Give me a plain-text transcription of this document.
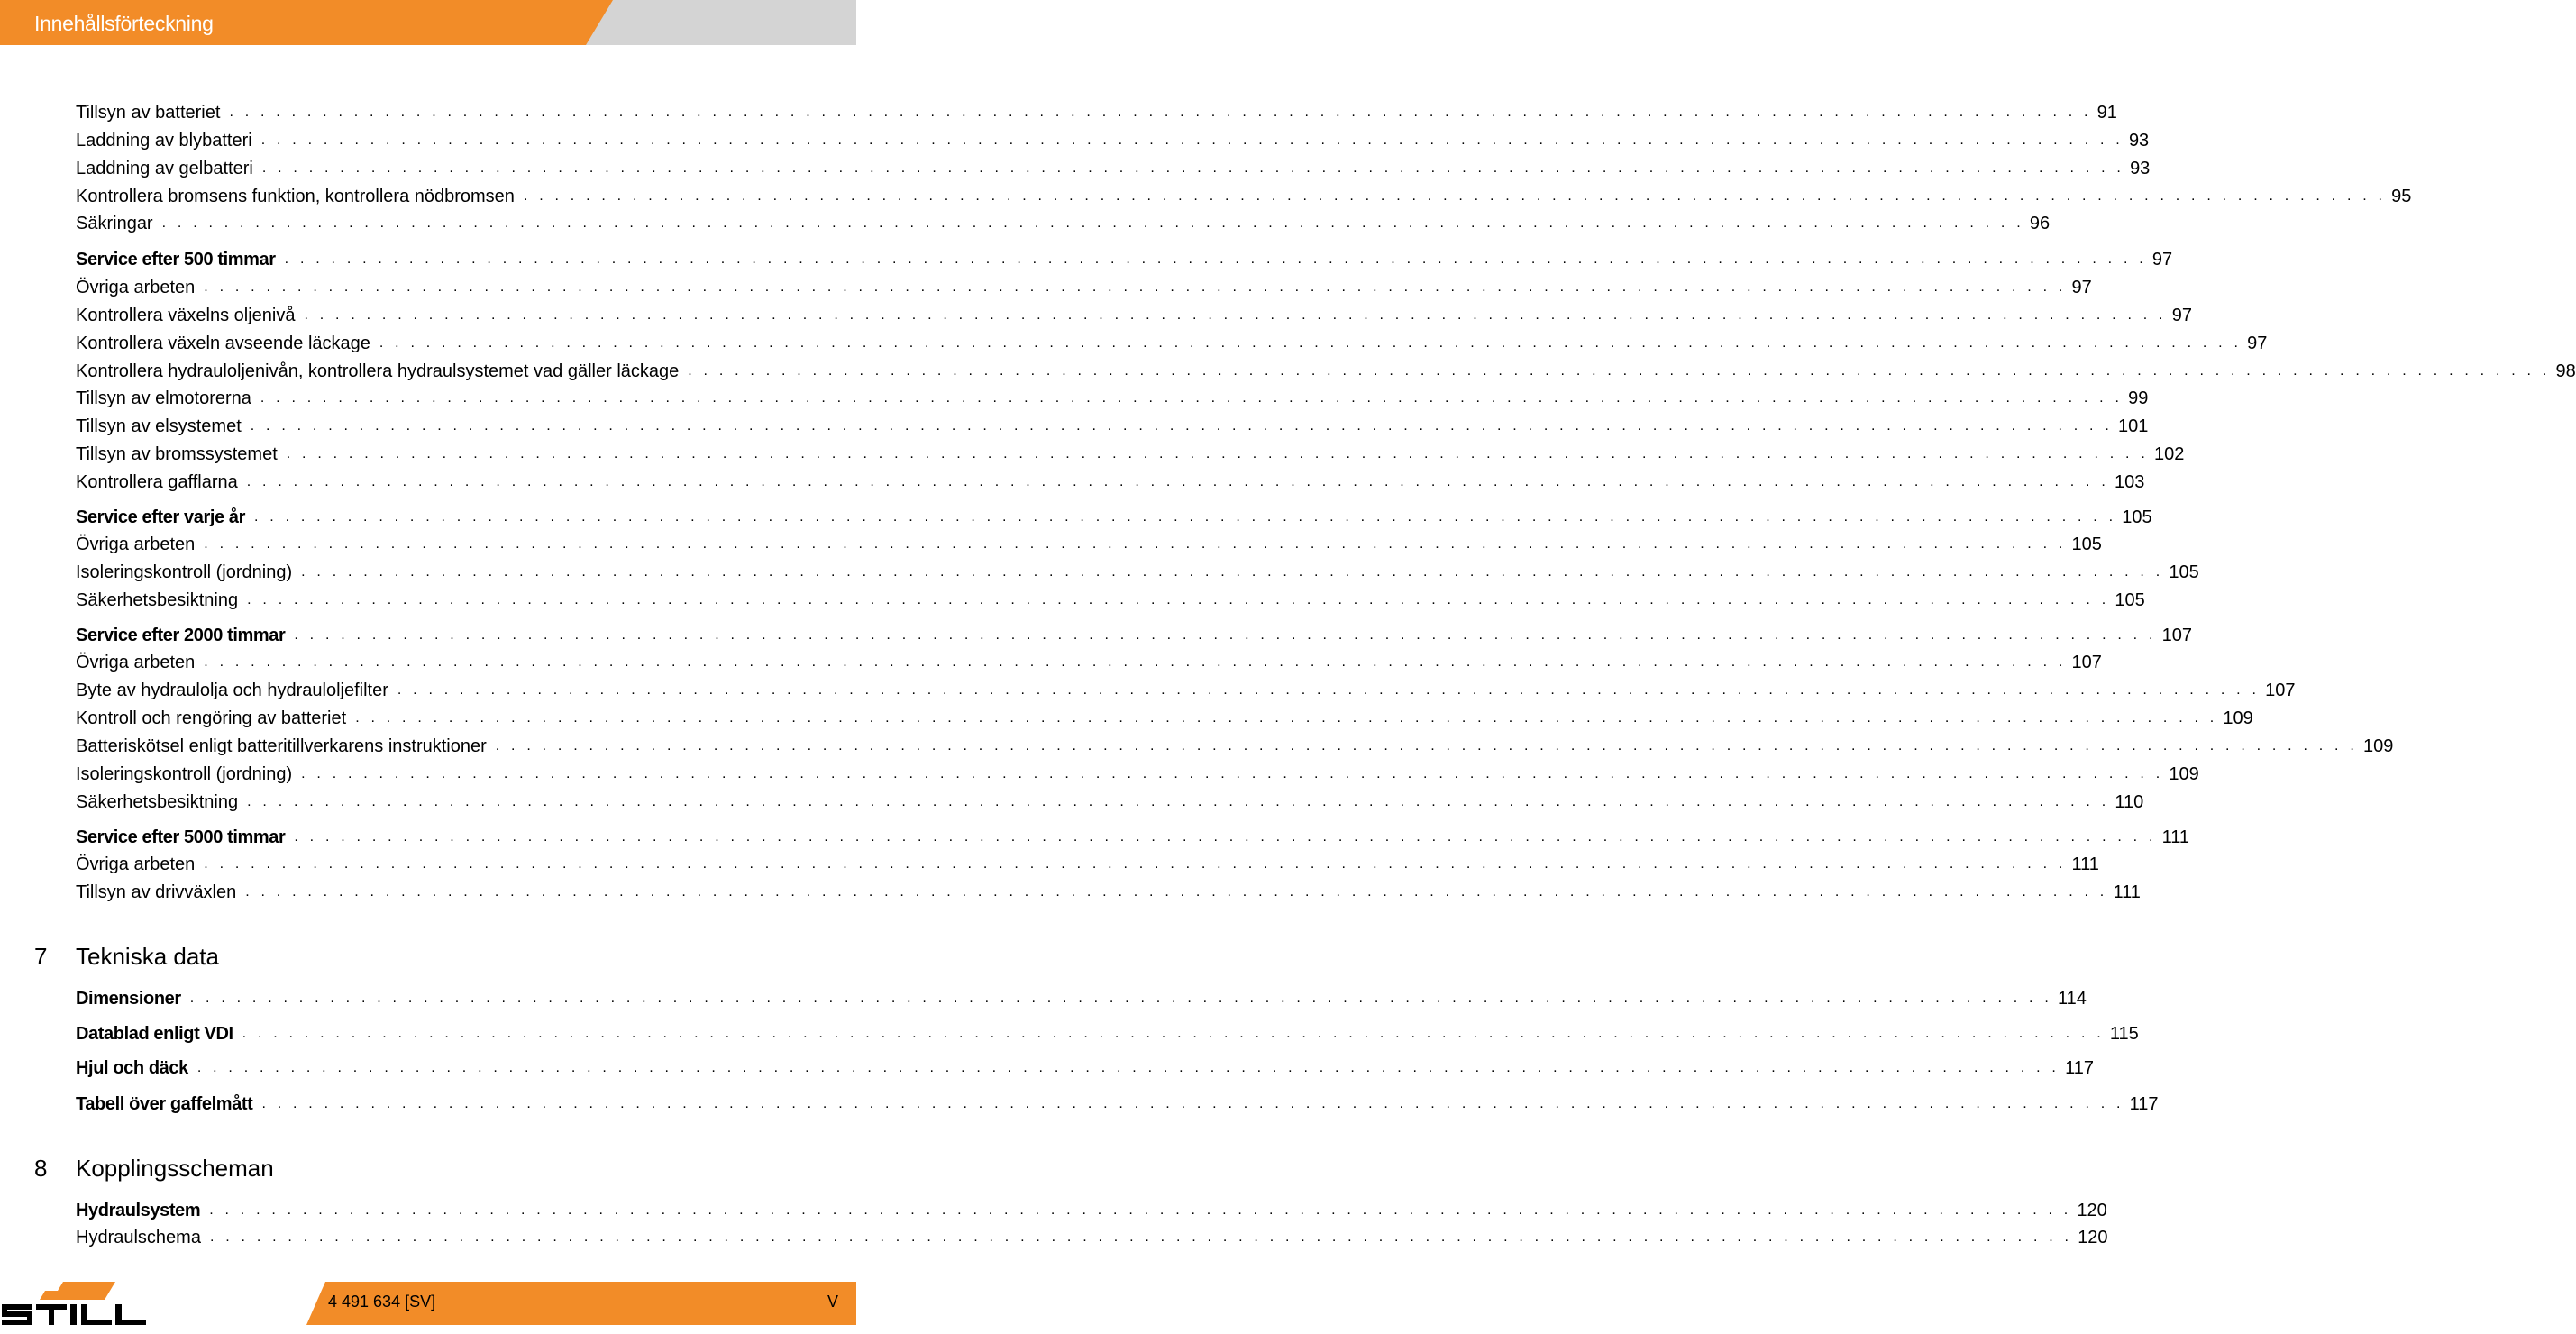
Innehållsförteckning
Tillsyn av batteriet . . . . . . . . . . . . . . . . . . . . . . . . . . . . . . . . . . . . . . . . . . . . . . . . . . . . . . . . . . . . . . . . . . . . . . . . . . . . . . . . . . . . . . . . . . . . . . . . . . . . . . . . . . . . . . . . . . . . . . . . 91
Laddning av blybatteri . . . . . . . . . . . . . . . . . . . . . . . . . . . . . . . . . . . . . . . . . . . . . . . . . . . . . . . . . . . . . . . . . . . . . . . . . . . . . . . . . . . . . . . . . . . . . . . . . . . . . . . . . . . . . . . . . . . . . . . . 93
Laddning av gelbatteri . . . . . . . . . . . . . . . . . . . . . . . . . . . . . . . . . . . . . . . . . . . . . . . . . . . . . . . . . . . . . . . . . . . . . . . . . . . . . . . . . . . . . . . . . . . . . . . . . . . . . . . . . . . . . . . . . . . . . . . . 93
Kontrollera bromsens funktion, kontrollera nödbromsen . . . . . . . . . . . . . . . . . . . . . . . . . . . . . . . . . . . . . . . . . . . . . . . . . . . . . . . . . . . . . . . . . . . . . . . . . . . . . . . . . . . . . . . . . . . . . . . . . . . . . . . . . . . . . . . . . . . . . . . . 95
Säkringar . . . . . . . . . . . . . . . . . . . . . . . . . . . . . . . . . . . . . . . . . . . . . . . . . . . . . . . . . . . . . . . . . . . . . . . . . . . . . . . . . . . . . . . . . . . . . . . . . . . . . . . . . . . . . . . . . . . . . . . . 96
Service efter 500 timmar . . . . . . . . . . . . . . . . . . . . . . . . . . . . . . . . . . . . . . . . . . . . . . . . . . . . . . . . . . . . . . . . . . . . . . . . . . . . . . . . . . . . . . . . . . . . . . . . . . . . . . . . . . . . . . . . . . . . . . . . 97
Övriga arbeten . . . . . . . . . . . . . . . . . . . . . . . . . . . . . . . . . . . . . . . . . . . . . . . . . . . . . . . . . . . . . . . . . . . . . . . . . . . . . . . . . . . . . . . . . . . . . . . . . . . . . . . . . . . . . . . . . . . . . . . . 97
Kontrollera växelns oljenivå . . . . . . . . . . . . . . . . . . . . . . . . . . . . . . . . . . . . . . . . . . . . . . . . . . . . . . . . . . . . . . . . . . . . . . . . . . . . . . . . . . . . . . . . . . . . . . . . . . . . . . . . . . . . . . . . . . . . . . . . 97
Kontrollera växeln avseende läckage . . . . . . . . . . . . . . . . . . . . . . . . . . . . . . . . . . . . . . . . . . . . . . . . . . . . . . . . . . . . . . . . . . . . . . . . . . . . . . . . . . . . . . . . . . . . . . . . . . . . . . . . . . . . . . . . . . . . . . . . 97
Kontrollera hydrauloljenivån, kontrollera hydraulsystemet vad gäller läckage . . . . . . . . . . . . . . . . . . . . . . . . . . . . . . . . . . . . . . . . . . . . . . . . . . . . . . . . . . . . . . . . . . . . . . . . . . . . . . . . . . . . . . . . . . . . . . . . . . . . . . . . . . . . . . . . . . . . . . . . 98
Tillsyn av elmotorerna . . . . . . . . . . . . . . . . . . . . . . . . . . . . . . . . . . . . . . . . . . . . . . . . . . . . . . . . . . . . . . . . . . . . . . . . . . . . . . . . . . . . . . . . . . . . . . . . . . . . . . . . . . . . . . . . . . . . . . . . 99
Tillsyn av elsystemet . . . . . . . . . . . . . . . . . . . . . . . . . . . . . . . . . . . . . . . . . . . . . . . . . . . . . . . . . . . . . . . . . . . . . . . . . . . . . . . . . . . . . . . . . . . . . . . . . . . . . . . . . . . . . . . . . . . . . . . . 101
Tillsyn av bromssystemet . . . . . . . . . . . . . . . . . . . . . . . . . . . . . . . . . . . . . . . . . . . . . . . . . . . . . . . . . . . . . . . . . . . . . . . . . . . . . . . . . . . . . . . . . . . . . . . . . . . . . . . . . . . . . . . . . . . . . . . . 102
Kontrollera gafflarna . . . . . . . . . . . . . . . . . . . . . . . . . . . . . . . . . . . . . . . . . . . . . . . . . . . . . . . . . . . . . . . . . . . . . . . . . . . . . . . . . . . . . . . . . . . . . . . . . . . . . . . . . . . . . . . . . . . . . . . . 103
Service efter varje år . . . . . . . . . . . . . . . . . . . . . . . . . . . . . . . . . . . . . . . . . . . . . . . . . . . . . . . . . . . . . . . . . . . . . . . . . . . . . . . . . . . . . . . . . . . . . . . . . . . . . . . . . . . . . . . . . . . . . . . . 105
Övriga arbeten . . . . . . . . . . . . . . . . . . . . . . . . . . . . . . . . . . . . . . . . . . . . . . . . . . . . . . . . . . . . . . . . . . . . . . . . . . . . . . . . . . . . . . . . . . . . . . . . . . . . . . . . . . . . . . . . . . . . . . . . 105
Isoleringskontroll (jordning) . . . . . . . . . . . . . . . . . . . . . . . . . . . . . . . . . . . . . . . . . . . . . . . . . . . . . . . . . . . . . . . . . . . . . . . . . . . . . . . . . . . . . . . . . . . . . . . . . . . . . . . . . . . . . . . . . . . . . . . . 105
Säkerhetsbesiktning . . . . . . . . . . . . . . . . . . . . . . . . . . . . . . . . . . . . . . . . . . . . . . . . . . . . . . . . . . . . . . . . . . . . . . . . . . . . . . . . . . . . . . . . . . . . . . . . . . . . . . . . . . . . . . . . . . . . . . . . 105
Service efter 2000 timmar . . . . . . . . . . . . . . . . . . . . . . . . . . . . . . . . . . . . . . . . . . . . . . . . . . . . . . . . . . . . . . . . . . . . . . . . . . . . . . . . . . . . . . . . . . . . . . . . . . . . . . . . . . . . . . . . . . . . . . . . 107
Övriga arbeten . . . . . . . . . . . . . . . . . . . . . . . . . . . . . . . . . . . . . . . . . . . . . . . . . . . . . . . . . . . . . . . . . . . . . . . . . . . . . . . . . . . . . . . . . . . . . . . . . . . . . . . . . . . . . . . . . . . . . . . . 107
Byte av hydraulolja och hydrauloljefilter . . . . . . . . . . . . . . . . . . . . . . . . . . . . . . . . . . . . . . . . . . . . . . . . . . . . . . . . . . . . . . . . . . . . . . . . . . . . . . . . . . . . . . . . . . . . . . . . . . . . . . . . . . . . . . . . . . . . . . . . 107
Kontroll och rengöring av batteriet . . . . . . . . . . . . . . . . . . . . . . . . . . . . . . . . . . . . . . . . . . . . . . . . . . . . . . . . . . . . . . . . . . . . . . . . . . . . . . . . . . . . . . . . . . . . . . . . . . . . . . . . . . . . . . . . . . . . . . . . 109
Batteriskötsel enligt batteritillverkarens instruktioner . . . . . . . . . . . . . . . . . . . . . . . . . . . . . . . . . . . . . . . . . . . . . . . . . . . . . . . . . . . . . . . . . . . . . . . . . . . . . . . . . . . . . . . . . . . . . . . . . . . . . . . . . . . . . . . . . . . . . . . . 109
Isoleringskontroll (jordning) . . . . . . . . . . . . . . . . . . . . . . . . . . . . . . . . . . . . . . . . . . . . . . . . . . . . . . . . . . . . . . . . . . . . . . . . . . . . . . . . . . . . . . . . . . . . . . . . . . . . . . . . . . . . . . . . . . . . . . . . 109
Säkerhetsbesiktning . . . . . . . . . . . . . . . . . . . . . . . . . . . . . . . . . . . . . . . . . . . . . . . . . . . . . . . . . . . . . . . . . . . . . . . . . . . . . . . . . . . . . . . . . . . . . . . . . . . . . . . . . . . . . . . . . . . . . . . . 110
Service efter 5000 timmar . . . . . . . . . . . . . . . . . . . . . . . . . . . . . . . . . . . . . . . . . . . . . . . . . . . . . . . . . . . . . . . . . . . . . . . . . . . . . . . . . . . . . . . . . . . . . . . . . . . . . . . . . . . . . . . . . . . . . . . . 111
Övriga arbeten . . . . . . . . . . . . . . . . . . . . . . . . . . . . . . . . . . . . . . . . . . . . . . . . . . . . . . . . . . . . . . . . . . . . . . . . . . . . . . . . . . . . . . . . . . . . . . . . . . . . . . . . . . . . . . . . . . . . . . . . 111
Tillsyn av drivväxlen . . . . . . . . . . . . . . . . . . . . . . . . . . . . . . . . . . . . . . . . . . . . . . . . . . . . . . . . . . . . . . . . . . . . . . . . . . . . . . . . . . . . . . . . . . . . . . . . . . . . . . . . . . . . . . . . . . . . . . . . 111
7 Tekniska data
Dimensioner . . . . . . . . . . . . . . . . . . . . . . . . . . . . . . . . . . . . . . . . . . . . . . . . . . . . . . . . . . . . . . . . . . . . . . . . . . . . . . . . . . . . . . . . . . . . . . . . . . . . . . . . . . . . . . . . . . . . . . . . 114
Datablad enligt VDI . . . . . . . . . . . . . . . . . . . . . . . . . . . . . . . . . . . . . . . . . . . . . . . . . . . . . . . . . . . . . . . . . . . . . . . . . . . . . . . . . . . . . . . . . . . . . . . . . . . . . . . . . . . . . . . . . . . . . . . . 115
Hjul och däck . . . . . . . . . . . . . . . . . . . . . . . . . . . . . . . . . . . . . . . . . . . . . . . . . . . . . . . . . . . . . . . . . . . . . . . . . . . . . . . . . . . . . . . . . . . . . . . . . . . . . . . . . . . . . . . . . . . . . . . . 117
Tabell över gaffelmått . . . . . . . . . . . . . . . . . . . . . . . . . . . . . . . . . . . . . . . . . . . . . . . . . . . . . . . . . . . . . . . . . . . . . . . . . . . . . . . . . . . . . . . . . . . . . . . . . . . . . . . . . . . . . . . . . . . . . . . . 117
8 Kopplingsscheman
Hydraulsystem . . . . . . . . . . . . . . . . . . . . . . . . . . . . . . . . . . . . . . . . . . . . . . . . . . . . . . . . . . . . . . . . . . . . . . . . . . . . . . . . . . . . . . . . . . . . . . . . . . . . . . . . . . . . . . . . . . . . . . . . 120
Hydraulschema . . . . . . . . . . . . . . . . . . . . . . . . . . . . . . . . . . . . . . . . . . . . . . . . . . . . . . . . . . . . . . . . . . . . . . . . . . . . . . . . . . . . . . . . . . . . . . . . . . . . . . . . . . . . . . . . . . . . . . . . 120
4 491 634 [SV]	V
